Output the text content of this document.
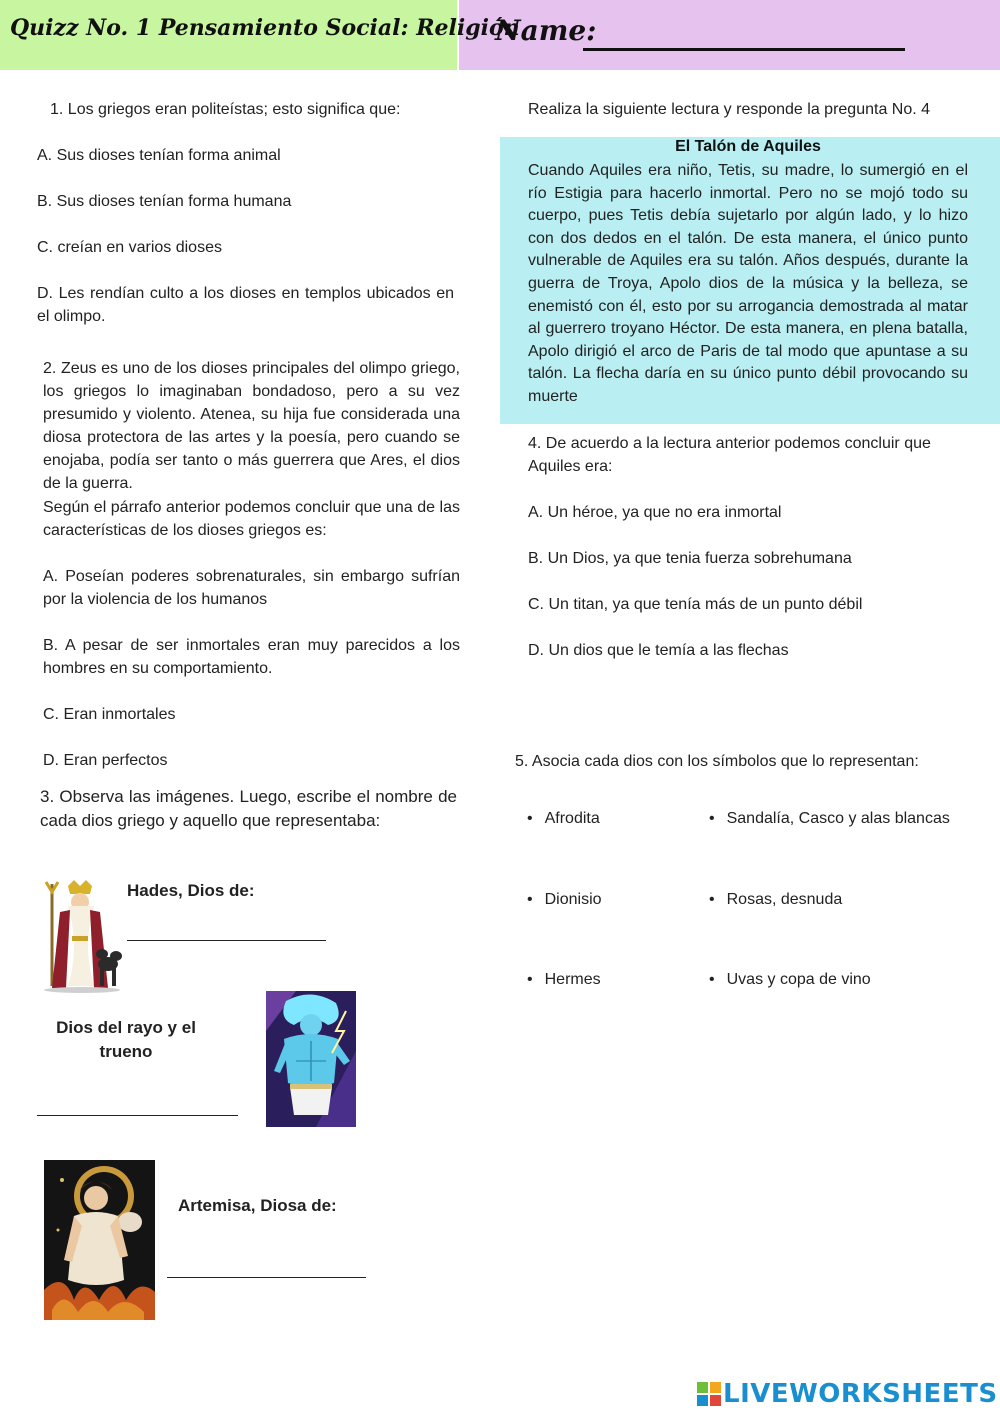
Quizz No. 1 Pensamiento Social: Religión
Name:
1. Los griegos eran politeístas; esto significa que:
A. Sus dioses tenían forma animal
B. Sus dioses tenían forma humana
C. creían en varios dioses
D. Les rendían culto a los dioses en templos ubicados en el olimpo.
2. Zeus es uno de los dioses principales del olimpo griego, los griegos lo imaginaban bondadoso, pero a su vez presumido y violento. Atenea, su hija fue considerada una diosa protectora de las artes y la poesía, pero cuando se enojaba, podía ser tanto o más guerrera que Ares, el dios de la guerra.
Según el párrafo anterior podemos concluir que una de las características de los dioses griegos es:
A. Poseían poderes sobrenaturales, sin embargo sufrían por la violencia de los humanos
B. A pesar de ser inmortales eran muy parecidos a los hombres en su comportamiento.
C. Eran inmortales
D. Eran perfectos
3. Observa las imágenes. Luego, escribe el nombre de cada dios griego y aquello que representaba:
Hades, Dios de:
Dios del rayo y el trueno
Artemisa, Diosa de:
Realiza la siguiente lectura y responde la pregunta No. 4
El Talón de Aquiles
Cuando Aquiles era niño, Tetis, su madre, lo sumergió en el río Estigia para hacerlo inmortal. Pero no se mojó todo su cuerpo, pues Tetis debía sujetarlo por algún lado, y lo hizo con dos dedos en el talón. De esta manera, el único punto vulnerable de Aquiles era su talón. Años después, durante la guerra de Troya, Apolo dios de la música y la belleza, se enemistó con él, esto por su arrogancia demostrada al matar al guerrero troyano Héctor. De esta manera, en plena batalla, Apolo dirigió el arco de Paris de tal modo que apuntase a su talón. La flecha daría en su único punto débil provocando su muerte
4. De acuerdo a la lectura anterior podemos concluir que Aquiles era:
A. Un héroe, ya que no era inmortal
B. Un Dios, ya que tenia fuerza sobrehumana
C. Un titan, ya que tenía más de un punto débil
D. Un dios que le temía a las flechas
5. Asocia cada dios con los símbolos que lo representan:
• Afrodita
• Dionisio
• Hermes
• Sandalía, Casco y alas blancas
• Rosas, desnuda
• Uvas y copa de vino
LIVEWORKSHEETS
